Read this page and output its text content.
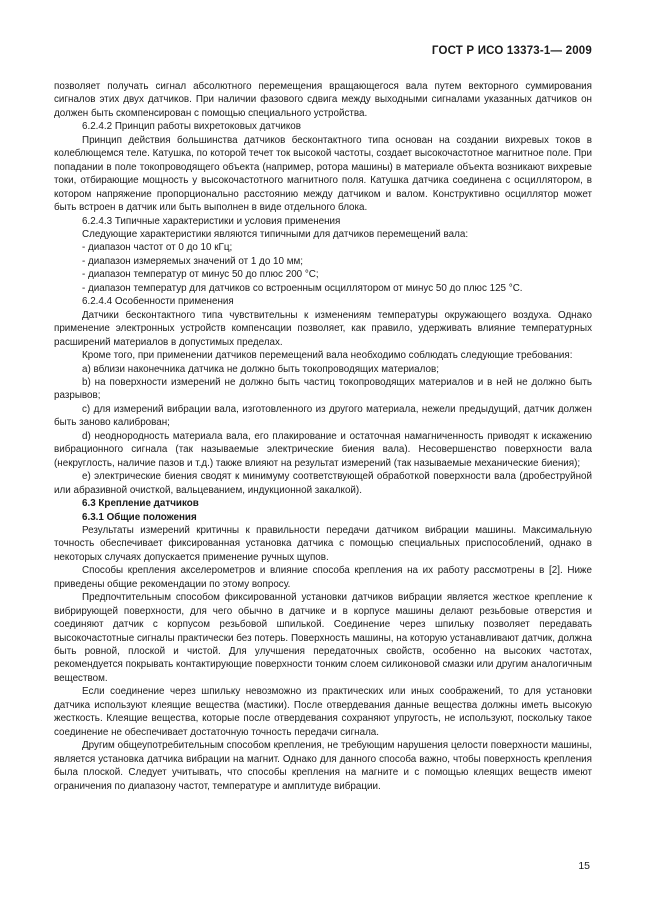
ГОСТ Р ИСО 13373-1— 2009

позволяет получать сигнал абсолютного перемещения вращающегося вала путем векторного суммирования сигналов этих двух датчиков. При наличии фазового сдвига между выходными сигналами указанных датчиков он должен быть скомпенсирован с помощью специального устройства.

6.2.4.2 Принцип работы вихретоковых датчиков

Принцип действия большинства датчиков бесконтактного типа основан на создании вихревых токов в колеблющемся теле. Катушка, по которой течет ток высокой частоты, создает высокочастотное магнитное поле. При попадании в поле токопроводящего объекта (например, ротора машины) в материале объекта возникают вихревые токи, отбирающие мощность у высокочастотного магнитного поля. Катушка датчика соединена с осциллятором, в котором напряжение пропорционально расстоянию между датчиком и валом. Конструктивно осциллятор может быть встроен в датчик или быть выполнен в виде отдельного блока.

6.2.4.3 Типичные характеристики и условия применения

Следующие характеристики являются типичными для датчиков перемещений вала:

- диапазон частот от 0 до 10 кГц;

- диапазон измеряемых значений от 1 до 10 мм;

- диапазон температур от минус 50 до плюс 200 °С;

- диапазон температур для датчиков со встроенным осциллятором от минус 50 до плюс 125 °С.

6.2.4.4 Особенности применения

Датчики бесконтактного типа чувствительны к изменениям температуры окружающего воздуха. Однако применение электронных устройств компенсации позволяет, как правило, удерживать влияние температурных расширений материалов в допустимых пределах.

Кроме того, при применении датчиков перемещений вала необходимо соблюдать следующие требования:

a) вблизи наконечника датчика не должно быть токопроводящих материалов;

b) на поверхности измерений не должно быть частиц токопроводящих материалов и в ней не должно быть разрывов;

c) для измерений вибрации вала, изготовленного из другого материала, нежели предыдущий, датчик должен быть заново калиброван;

d) неоднородность материала вала, его плакирование и остаточная намагниченность приводят к искажению вибрационного сигнала (так называемые электрические биения вала). Несовершенство поверхности вала (некруглость, наличие пазов и т.д.) также влияют на результат измерений (так называемые механические биения);

e) электрические биения сводят к минимуму соответствующей обработкой поверхности вала (дробеструйной или абразивной очисткой, вальцеванием, индукционной закалкой).

6.3 Крепление датчиков

6.3.1 Общие положения

Результаты измерений критичны к правильности передачи датчиком вибрации машины. Максимальную точность обеспечивает фиксированная установка датчика с помощью специальных приспособлений, однако в некоторых случаях допускается применение ручных щупов.

Способы крепления акселерометров и влияние способа крепления на их работу рассмотрены в [2]. Ниже приведены общие рекомендации по этому вопросу.

Предпочтительным способом фиксированной установки датчиков вибрации является жесткое крепление к вибрирующей поверхности, для чего обычно в датчике и в корпусе машины делают резьбовые отверстия и соединяют датчик с корпусом резьбовой шпилькой. Соединение через шпильку позволяет передавать высокочастотные сигналы практически без потерь. Поверхность машины, на которую устанавливают датчик, должна быть ровной, плоской и чистой. Для улучшения передаточных свойств, особенно на высоких частотах, рекомендуется покрывать контактирующие поверхности тонким слоем силиконовой смазки или другим аналогичным веществом.

Если соединение через шпильку невозможно из практических или иных соображений, то для установки датчика используют клеящие вещества (мастики). После отвердевания данные вещества должны иметь высокую жесткость. Клеящие вещества, которые после отвердевания сохраняют упругость, не используют, поскольку такое соединение не обеспечивает достаточную точность передачи сигнала.

Другим общеупотребительным способом крепления, не требующим нарушения целости поверхности машины, является установка датчика вибрации на магнит. Однако для данного способа важно, чтобы поверхность крепления была плоской. Следует учитывать, что способы крепления на магните и с помощью клеящих веществ имеют ограничения по диапазону частот, температуре и амплитуде вибрации.

15
